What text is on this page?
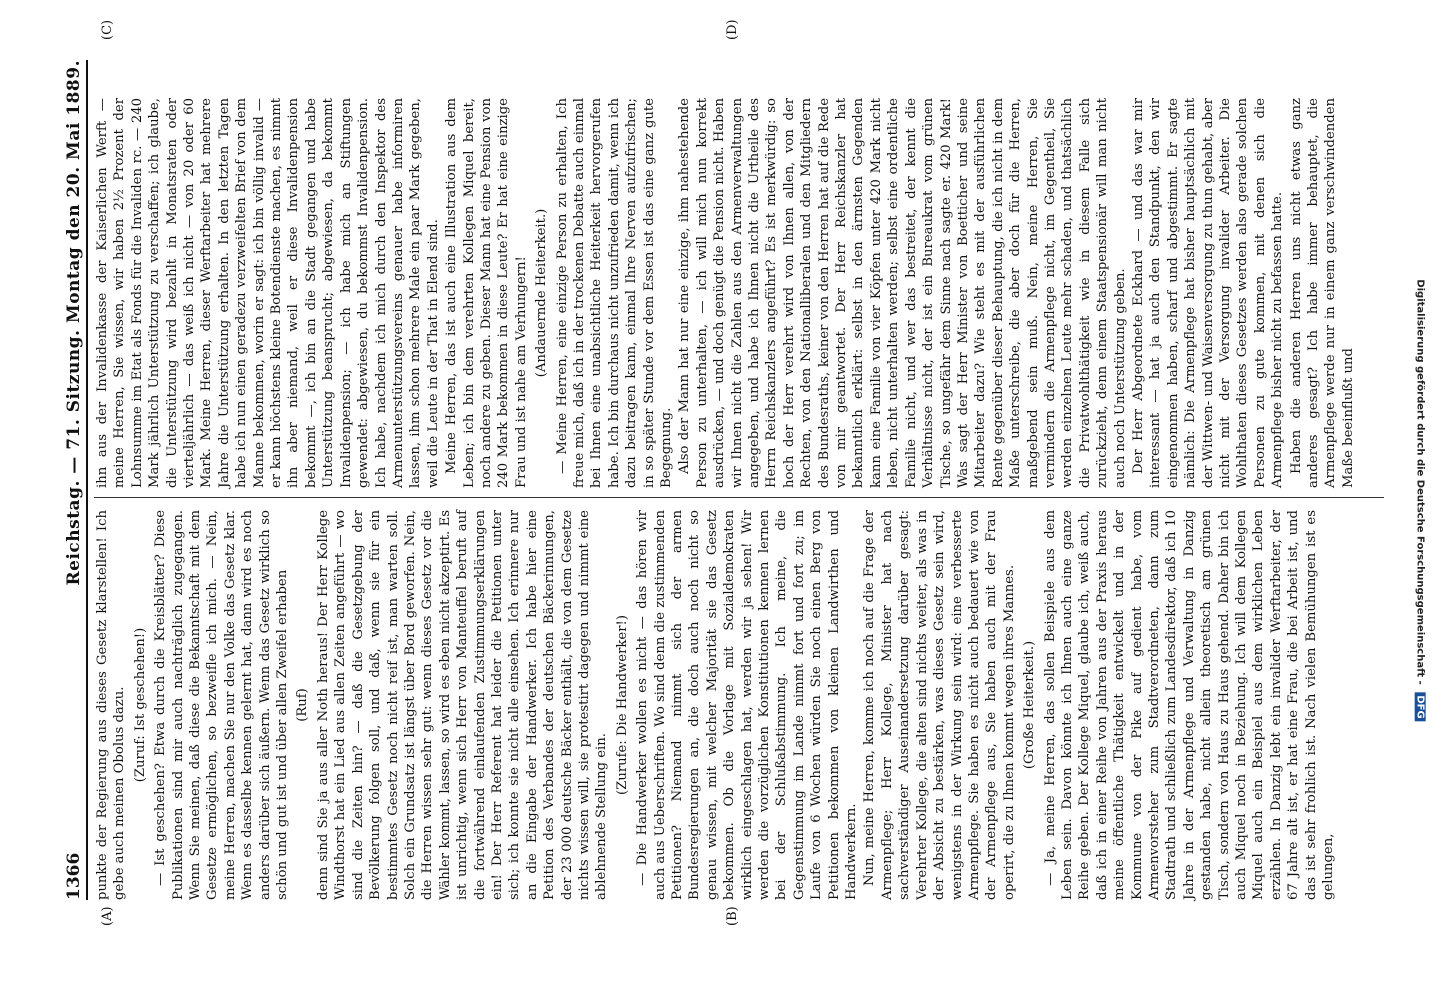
1366
Reichstag. — 71. Sitzung. Montag den 20. Mai 1889.
(A)	(B)
(C)	(D)

punkte der Regierung aus dieses Gesetz klarstellen! Ich gebe auch meinen Obolus dazu. (Zuruf: Ist geschehen!) — Ist geschehen? Etwa durch die Kreisblätter? Diese Publikationen sind mir auch nachträglich zugegangen. Wenn Sie meinen, daß diese die Bekanntschaft mit dem Gesetze ermöglichen, so bezweifle ich mich. — Nein, meine Herren, machen Sie nur den Volke das Gesetz klar. Wenn es dasselbe kennen gelernt hat, dann wird es noch anders darüber sich äußern. Wenn das Gesetz wirklich so schön und gut ist und über allen Zweifel erhaben (Ruf) denn sind Sie ja aus aller Noth heraus! Der Herr Kollege Windthorst hat ein Lied aus allen Zeiten angeführt — wo sind die Zeiten hin? — daß die Gesetzgebung der Bevölkerung folgen soll, und daß, wenn sie für ein bestimmtes Gesetz noch nicht reif ist, man warten soll. Solch ein Grundsatz ist längst über Bord geworfen. Nein, die Herren wissen sehr gut: wenn dieses Gesetz vor die Wähler kommt, lassen, so wird es eben nicht akzeptirt. Es ist unrichtig, wenn sich Herr von Manteuffel beruft auf die fortwährend einlaufenden Zustimmungserklärungen ein! Der Herr Referent hat leider die Petitionen unter sich; ich konnte sie nicht alle einsehen. Ich erinnere nur an die Eingabe der Handwerker. Ich habe hier eine Petition des Verbandes der deutschen Bäckerinnungen, der 23 000 deutsche Bäcker enthält, die von dem Gesetze nichts wissen will, sie protestirt dagegen und nimmt eine ablehnende Stellung ein.

(Zurufe: Die Handwerker!) — Die Handwerker wollen es nicht — das hören wir auch aus Ueberschriften. Wo sind denn die zustimmenden Petitionen? Niemand nimmt sich der armen Bundesregierungen an, die doch auch noch nicht so genau wissen, mit welcher Majorität sie das Gesetz bekommen. Ob die Vorlage mit Sozialdemokraten wirklich eingeschlagen hat, werden wir ja sehen! Wir werden die vorzüglichen Konstitutionen kennen lernen bei der Schlußabstimmung. Ich meine, die Gegenstimmung im Lande nimmt fort und fort zu; im Laufe von 6 Wochen würden Sie noch einen Berg von Petitionen bekommen von kleinen Landwirthen und Handwerkern. Nun, meine Herren, komme ich noch auf die Frage der Armenpflege; Herr Kollege, Minister hat nach sachverständiger Auseinandersetzung darüber gesagt: Verehrter Kollege, die alten sind nichts weiter, als was in der Absicht zu bestärken, was dieses Gesetz sein wird, wenigstens in der Wirkung sein wird: eine verbesserte Armenpflege. Sie haben es nicht auch bedauert wie von der Armenpflege aus, Sie haben auch mit der Frau operirt, die zu Ihnen kommt wegen ihres Mannes. (Große Heiterkeit.) — Ja, meine Herren, das sollen Beispiele aus dem Leben sein. Davon könnte ich Ihnen auch eine ganze Reihe geben. Der Kollege Miquel, glaube ich, weiß auch, daß ich in einer Reihe von Jahren aus der Praxis heraus meine öffentliche Thätigkeit entwickelt und in der Kommune von der Pike auf gedient habe, vom Armenvorsteher zum Stadtverordneten, dann zum Stadtrath und schließlich zum Landesdirektor, daß ich 10 Jahre in der Armenpflege und Verwaltung in Danzig gestanden habe, nicht allein theoretisch am grünen Tisch, sondern von Haus zu Haus gehend. Daher bin ich auch Miquel noch in Beziehung. Ich will dem Kollegen Miquel auch ein Beispiel aus dem wirklichen Leben erzählen. In Danzig lebt ein invalider Werftarbeiter, der 67 Jahre alt ist, er hat eine Frau, die bei Arbeit ist, und das ist sehr frohlich ist. Nach vielen Bemühungen ist es gelungen,

ihn aus der Invalidenkasse der Kaiserlichen Werft — meine Herren, Sie wissen, wir haben 2½ Prozent der Lohnsumme im Etat als Fonds für die Invaliden rc. — 240 Mark jährlich Unterstützung zu verschaffen; ich glaube, die Unterstützung wird bezahlt in Monatsraten oder vierteljährlich — das weiß ich nicht — von 20 oder 60 Mark. Meine Herren, dieser Werftarbeiter hat mehrere Jahre die Unterstützung erhalten. In den letzten Tagen habe ich nun einen geradezu verzweifelten Brief von dem Manne bekommen, worin er sagt: ich bin völlig invalid — er kann höchstens kleine Botendienste machen, es nimmt ihn aber niemand, weil er diese Invalidenpension bekommt —, ich bin an die Stadt gegangen und habe Unterstützung beansprucht; abgewiesen, da bekommt Invalidenpension; — ich habe mich an Stiftungen gewendet: abgewiesen, du bekommst Invalidenpension. Ich habe, nachdem ich mich durch den Inspektor des Armenunterstützungsvereins genauer habe informiren lassen, ihm schon mehrere Male ein paar Mark gegeben, weil die Leute in der That in Elend sind. Meine Herren, das ist auch eine Illustration aus dem Leben; ich bin dem verehrten Kollegen Miquel bereit, noch andere zu geben. Dieser Mann hat eine Pension von 240 Mark bekommen in diese Leute? Er hat eine einzige Frau und ist nahe am Verhungern! (Andauernde Heiterkeit.) — Meine Herren, eine einzige Person zu erhalten, Ich freue mich, daß ich in der trockenen Debatte auch einmal bei Ihnen eine unabsichtliche Heiterkeit hervorgerufen habe. Ich bin durchaus nicht unzufrieden damit, wenn ich dazu beitragen kann, einmal Ihre Nerven aufzufrischen; in so später Stunde vor dem Essen ist das eine ganz gute Begegnung. Also der Mann hat nur eine einzige, ihm nahestehende Person zu unterhalten, — ich will mich nun korrekt ausdrücken, — und doch genügt die Pension nicht. Haben wir Ihnen nicht die Zahlen aus den Armenverwaltungen angegeben, und habe ich Ihnen nicht die Urtheile des Herrn Reichskanzlers angeführt? Es ist merkwürdig: so hoch der Herr verehrt wird von Ihnen allen, von der Rechten, von den Nationalliberalen und den Mitgliedern des Bundesraths, keiner von den Herren hat auf die Rede von mir geantwortet. Der Herr Reichskanzler hat bekanntlich erklärt: selbst in den ärmsten Gegenden kann eine Familie von vier Köpfen unter 420 Mark nicht leben, nicht unterhalten werden; selbst eine ordentliche Familie nicht, und wer das bestreitet, der kennt die Verhältnisse nicht, der ist ein Bureaukrat vom grünen Tische, so ungefähr dem Sinne nach sagte er. 420 Mark! Was sagt der Herr Minister von Boetticher und seine Mitarbeiter dazu? Wie steht es mit der ausführlichen Rente gegenüber dieser Behauptung, die ich nicht in dem Maße unterschreibe, die aber doch für die Herren, maßgebend sein muß. Nein, meine Herren, Sie vermindern die Armenpflege nicht, im Gegentheil, Sie werden einzelnen Leute mehr schaden, und thatsächlich die Privatwohlthätigkeit wie in diesem Falle sich zurückzieht, denn einem Staatspensionär will man nicht auch noch Unterstützung geben. Der Herr Abgeordnete Eckhard — und das war mir interessant — hat ja auch den Standpunkt, den wir eingenommen haben, scharf und abgestimmt. Er sagte nämlich: Die Armenpflege hat bisher hauptsächlich mit der Wittwen- und Waisenversorgung zu thun gehabt, aber nicht mit der Versorgung invalider Arbeiter. Die Wohlthaten dieses Gesetzes werden also gerade solchen Personen zu gute kommen, mit denen sich die Armenpflege bisher nicht zu befassen hatte. Haben die anderen Herren uns nicht etwas ganz anderes gesagt? Ich habe immer behauptet, die Armenpflege werde nur in einem ganz verschwindenden Maße beeinflußt und	Digitalisierung gefördert durch die Deutsche Forschungsgemeinschaft - DFG
